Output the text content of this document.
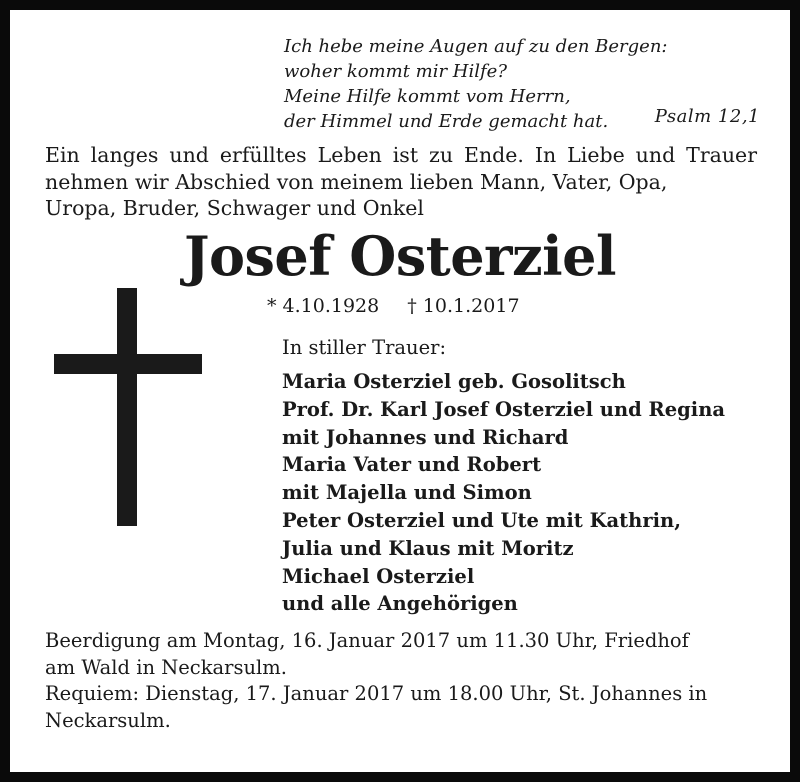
Ich hebe meine Augen auf zu den Bergen:
woher kommt mir Hilfe?
Meine Hilfe kommt vom Herrn,
der Himmel und Erde gemacht hat.	Psalm 12,1
Ein langes und erfülltes Leben ist zu Ende. In Liebe und Trauer nehmen wir Abschied von meinem lieben Mann, Vater, Opa,
Uropa, Bruder, Schwager und Onkel
Josef Osterziel
* 4.10.1928 † 10.1.2017
In stiller Trauer:
Maria Osterziel geb. Gosolitsch
Prof. Dr. Karl Josef Osterziel und Regina
mit Johannes und Richard
Maria Vater und Robert
mit Majella und Simon
Peter Osterziel und Ute mit Kathrin,
Julia und Klaus mit Moritz
Michael Osterziel
und alle Angehörigen
Beerdigung am Montag, 16. Januar 2017 um 11.30 Uhr, Friedhof
am Wald in Neckarsulm.
Requiem: Dienstag, 17. Januar 2017 um 18.00 Uhr, St. Johannes in
Neckarsulm.
